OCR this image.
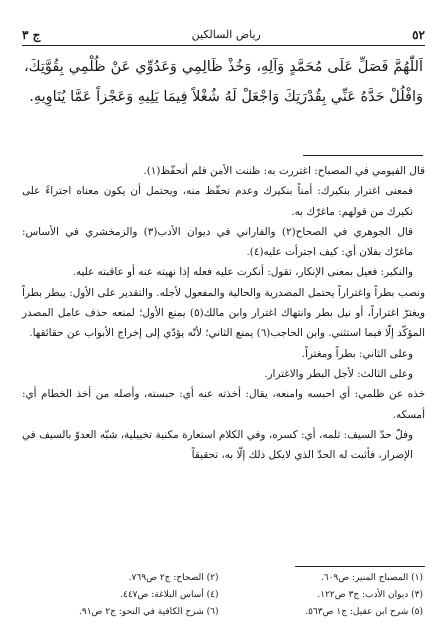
٥٢
رياض السالكين
ج ٣
اَللّٰهُمَّ فَصَلِّ عَلَى مُحَمَّدٍ وَآلِهِ، وَخُذْ ظَالِمِي وَعَدُوِّي عَنْ ظُلْمِي بِقُوَّتِكَ، وَافْلُلْ حَدَّهُ عَنِّي بِقُدْرَتِكَ وَاجْعَلْ لَهُ شُغْلاً فِيمَا يَلِيهِ وَعَجْزاً عَمَّا يُنَاوِيهِ.

قال الفيومي في المصباح: اغتررت به: ظننت الأمن فلم أتحفّظ(١).

فمعنى اغترار بنكيرك: أمناً بنكيرك وعدم تحفّظ منه، ويحتمل أن يكون معناه اجتراءً على نكيرك من قولهم: ماغرّك به.

قال الجوهري في الصحاح(٢) والفاراني في ديوان الأدب(٣) والزمخشري في الأساس: ماغرّك بفلان أي: كيف اجترأت عليه(٤).

والنكير: فعيل بمعنى الإنكار، تقول: أنكرت عليه فعله إذا نهيته عنه أو عاقبته عليه.

ونصب بطراً واغتراراً يحتمل المصدرية والحالية والمفعول لأجله. والتقدير على الأول: يبطر بطراً ويغترّ اغتراراً، أو نيل بطر وانتهاك اغترار وابن مالك(٥) يمنع الأول؛ لمنعه حذف عامل المصدر المؤكّد إلّا فيما استثني. وابن الحاجب(٦) يمنع الثاني؛ لأنّه يؤدّي إلى إخراج الأبواب عن حقائقها.

وعلى الثاني: بطراً ومغتراً.

وعلى الثالث: لأجل البطر والاغترار.

خذه عن ظلمي: أي احبسه وامنعه، يقال: أخذته عنه أي: حبسته، وأصله من أخذ الخطام أي: أمسكه.

وفلّ حدّ السيف: ثلمه، أي: كسره، وفي الكلام استعارة مكنية تخييلية، شبّه العدوّ بالسيف في الإضرار، فأثبت له الحدّ الذي لايكل ذلك إلّا به، تحقيقاً

(١) المصباح المنير: ص٦٠٩.
(٢) الصحاح: ج٢ ص٧٦٩.
(٣) ديوان الأدب: ج٣ ص١٢٢.
(٤) أساس البلاغة: ص٤٤٧.
(٥) شرح ابن عقيل: ج١ ص٥٦٣.
(٦) شرح الكافية في النحو: ج٢ ص٩١.
